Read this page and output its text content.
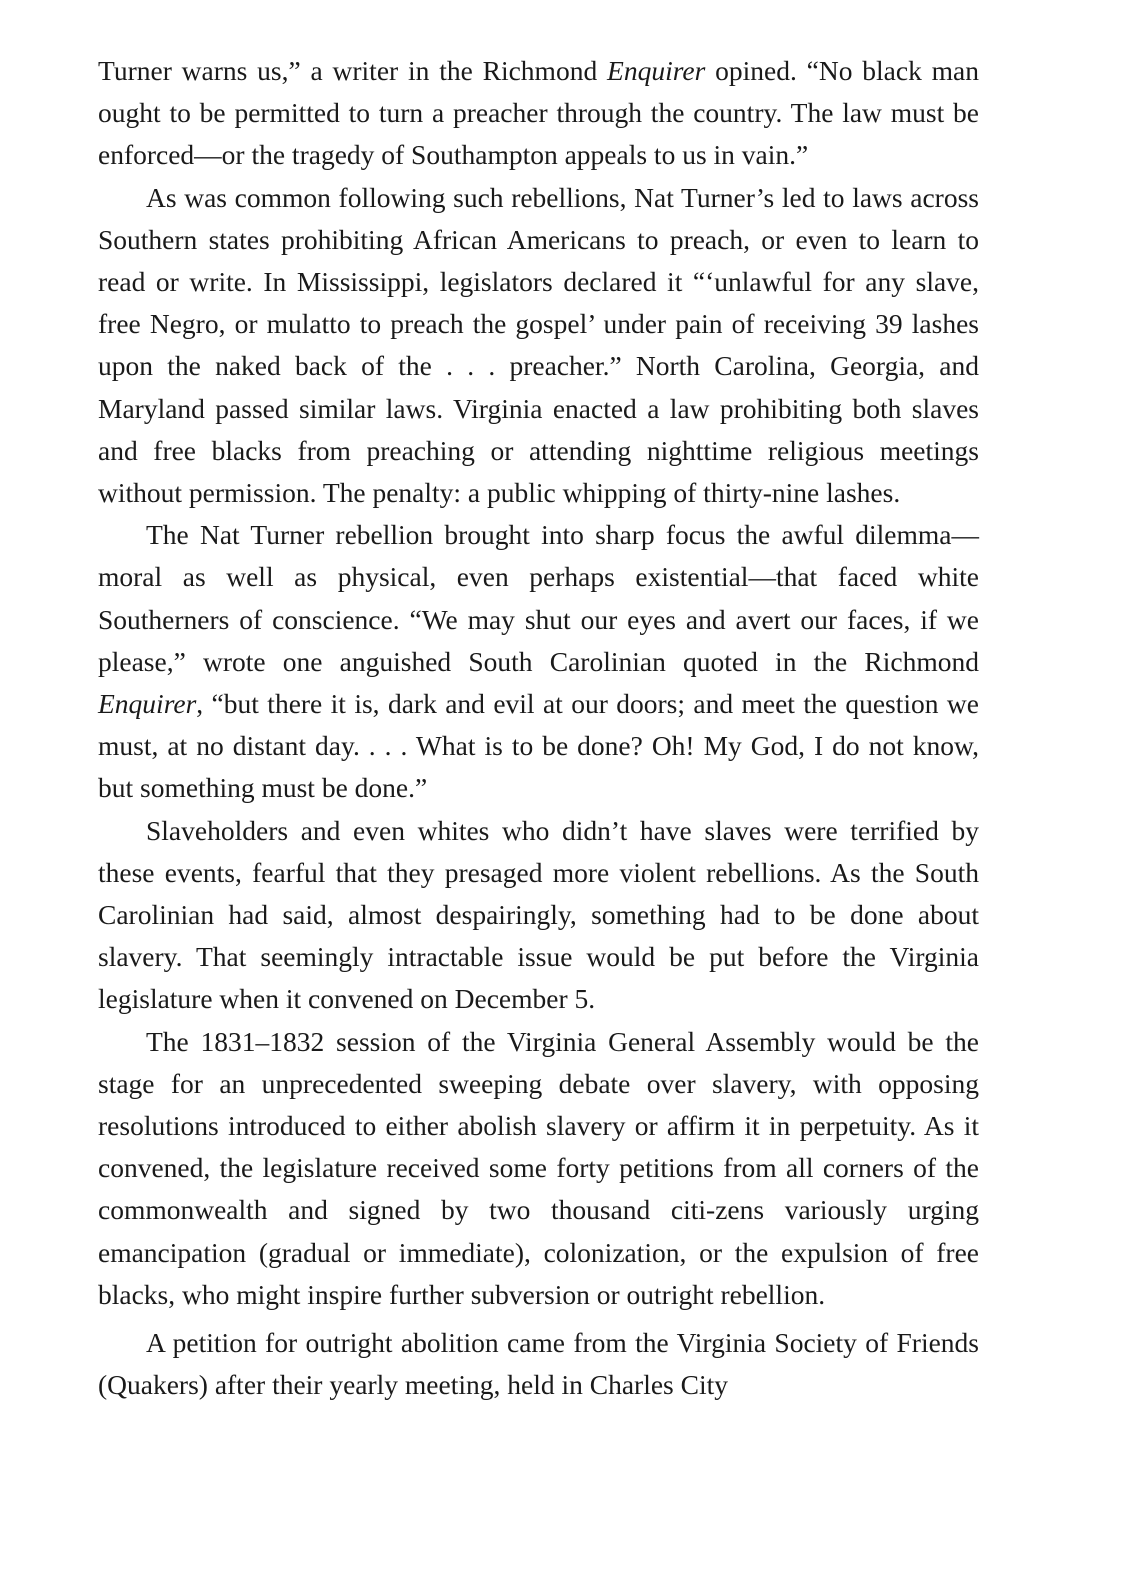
Turner warns us,” a writer in the Richmond Enquirer opined. “No black man ought to be permitted to turn a preacher through the country. The law must be enforced—or the tragedy of Southampton appeals to us in vain.”

As was common following such rebellions, Nat Turner’s led to laws across Southern states prohibiting African Americans to preach, or even to learn to read or write. In Mississippi, legislators declared it “‘unlawful for any slave, free Negro, or mulatto to preach the gospel’ under pain of receiving 39 lashes upon the naked back of the . . . preacher.” North Carolina, Georgia, and Maryland passed similar laws. Virginia enacted a law prohibiting both slaves and free blacks from preaching or attending nighttime religious meetings without permission. The penalty: a public whipping of thirty-nine lashes.

The Nat Turner rebellion brought into sharp focus the awful dilemma—moral as well as physical, even perhaps existential—that faced white Southerners of conscience. “We may shut our eyes and avert our faces, if we please,” wrote one anguished South Carolinian quoted in the Richmond Enquirer, “but there it is, dark and evil at our doors; and meet the question we must, at no distant day. . . . What is to be done? Oh! My God, I do not know, but something must be done.”

Slaveholders and even whites who didn’t have slaves were terrified by these events, fearful that they presaged more violent rebellions. As the South Carolinian had said, almost despairingly, something had to be done about slavery. That seemingly intractable issue would be put before the Virginia legislature when it convened on December 5.

The 1831–1832 session of the Virginia General Assembly would be the stage for an unprecedented sweeping debate over slavery, with opposing resolutions introduced to either abolish slavery or affirm it in perpetuity. As it convened, the legislature received some forty petitions from all corners of the commonwealth and signed by two thousand citi-zens variously urging emancipation (gradual or immediate), colonization, or the expulsion of free blacks, who might inspire further subversion or outright rebellion.

A petition for outright abolition came from the Virginia Society of Friends (Quakers) after their yearly meeting, held in Charles City
